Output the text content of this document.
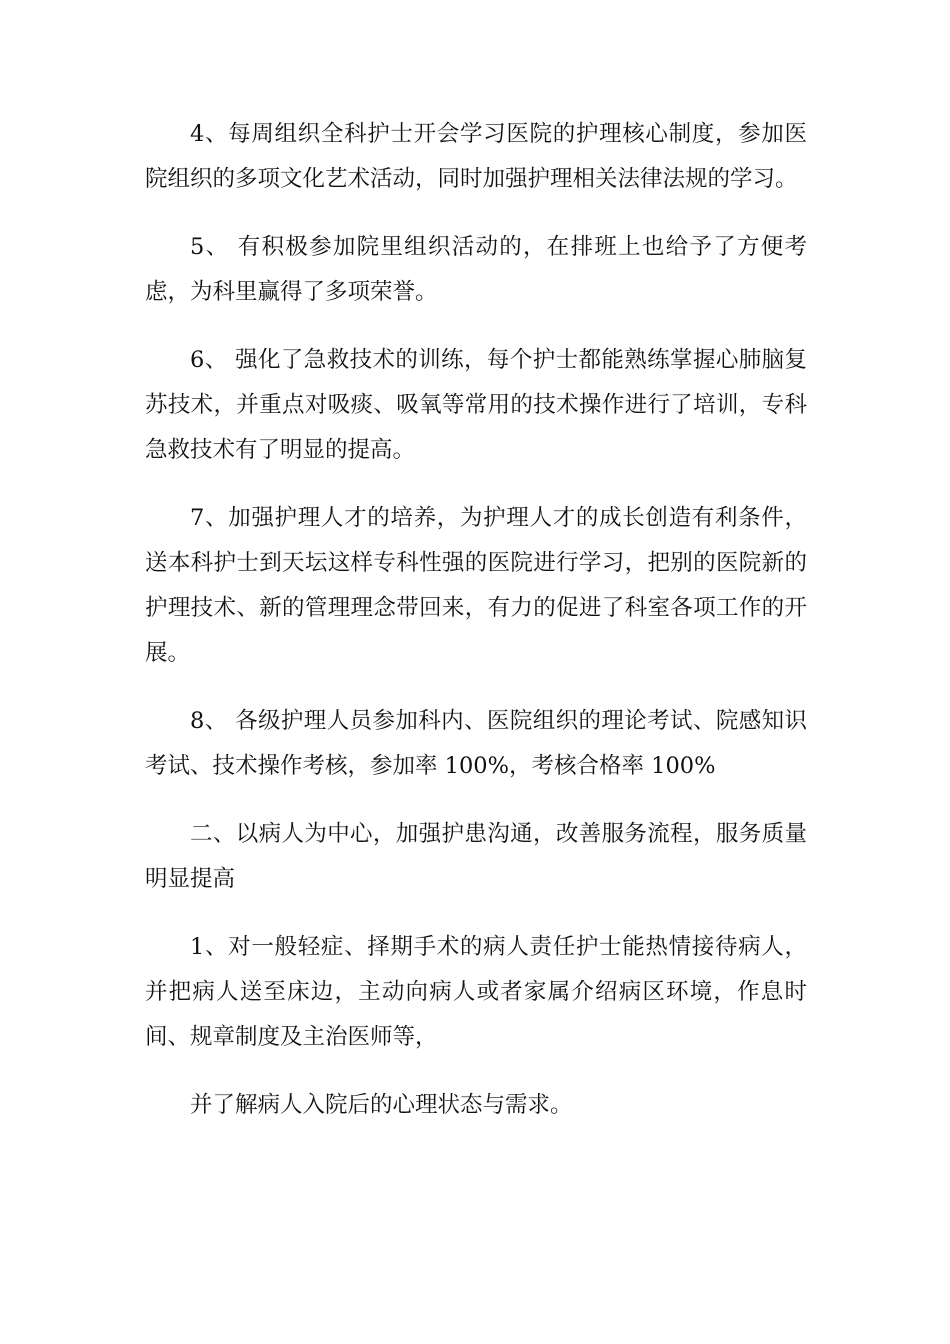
4、每周组织全科护士开会学习医院的护理核心制度，参加医院组织的多项文化艺术活动，同时加强护理相关法律法规的学习。

5、 有积极参加院里组织活动的，在排班上也给予了方便考虑，为科里赢得了多项荣誉。

6、 强化了急救技术的训练，每个护士都能熟练掌握心肺脑复苏技术，并重点对吸痰、吸氧等常用的技术操作进行了培训，专科急救技术有了明显的提高。

7、加强护理人才的培养，为护理人才的成长创造有利条件，送本科护士到天坛这样专科性强的医院进行学习，把别的医院新的护理技术、新的管理理念带回来，有力的促进了科室各项工作的开展。

8、 各级护理人员参加科内、医院组织的理论考试、院感知识考试、技术操作考核，参加率 100%，考核合格率 100%

二、以病人为中心，加强护患沟通，改善服务流程，服务质量明显提高

1、对一般轻症、择期手术的病人责任护士能热情接待病人，并把病人送至床边，主动向病人或者家属介绍病区环境，作息时间、规章制度及主治医师等，

并了解病人入院后的心理状态与需求。
